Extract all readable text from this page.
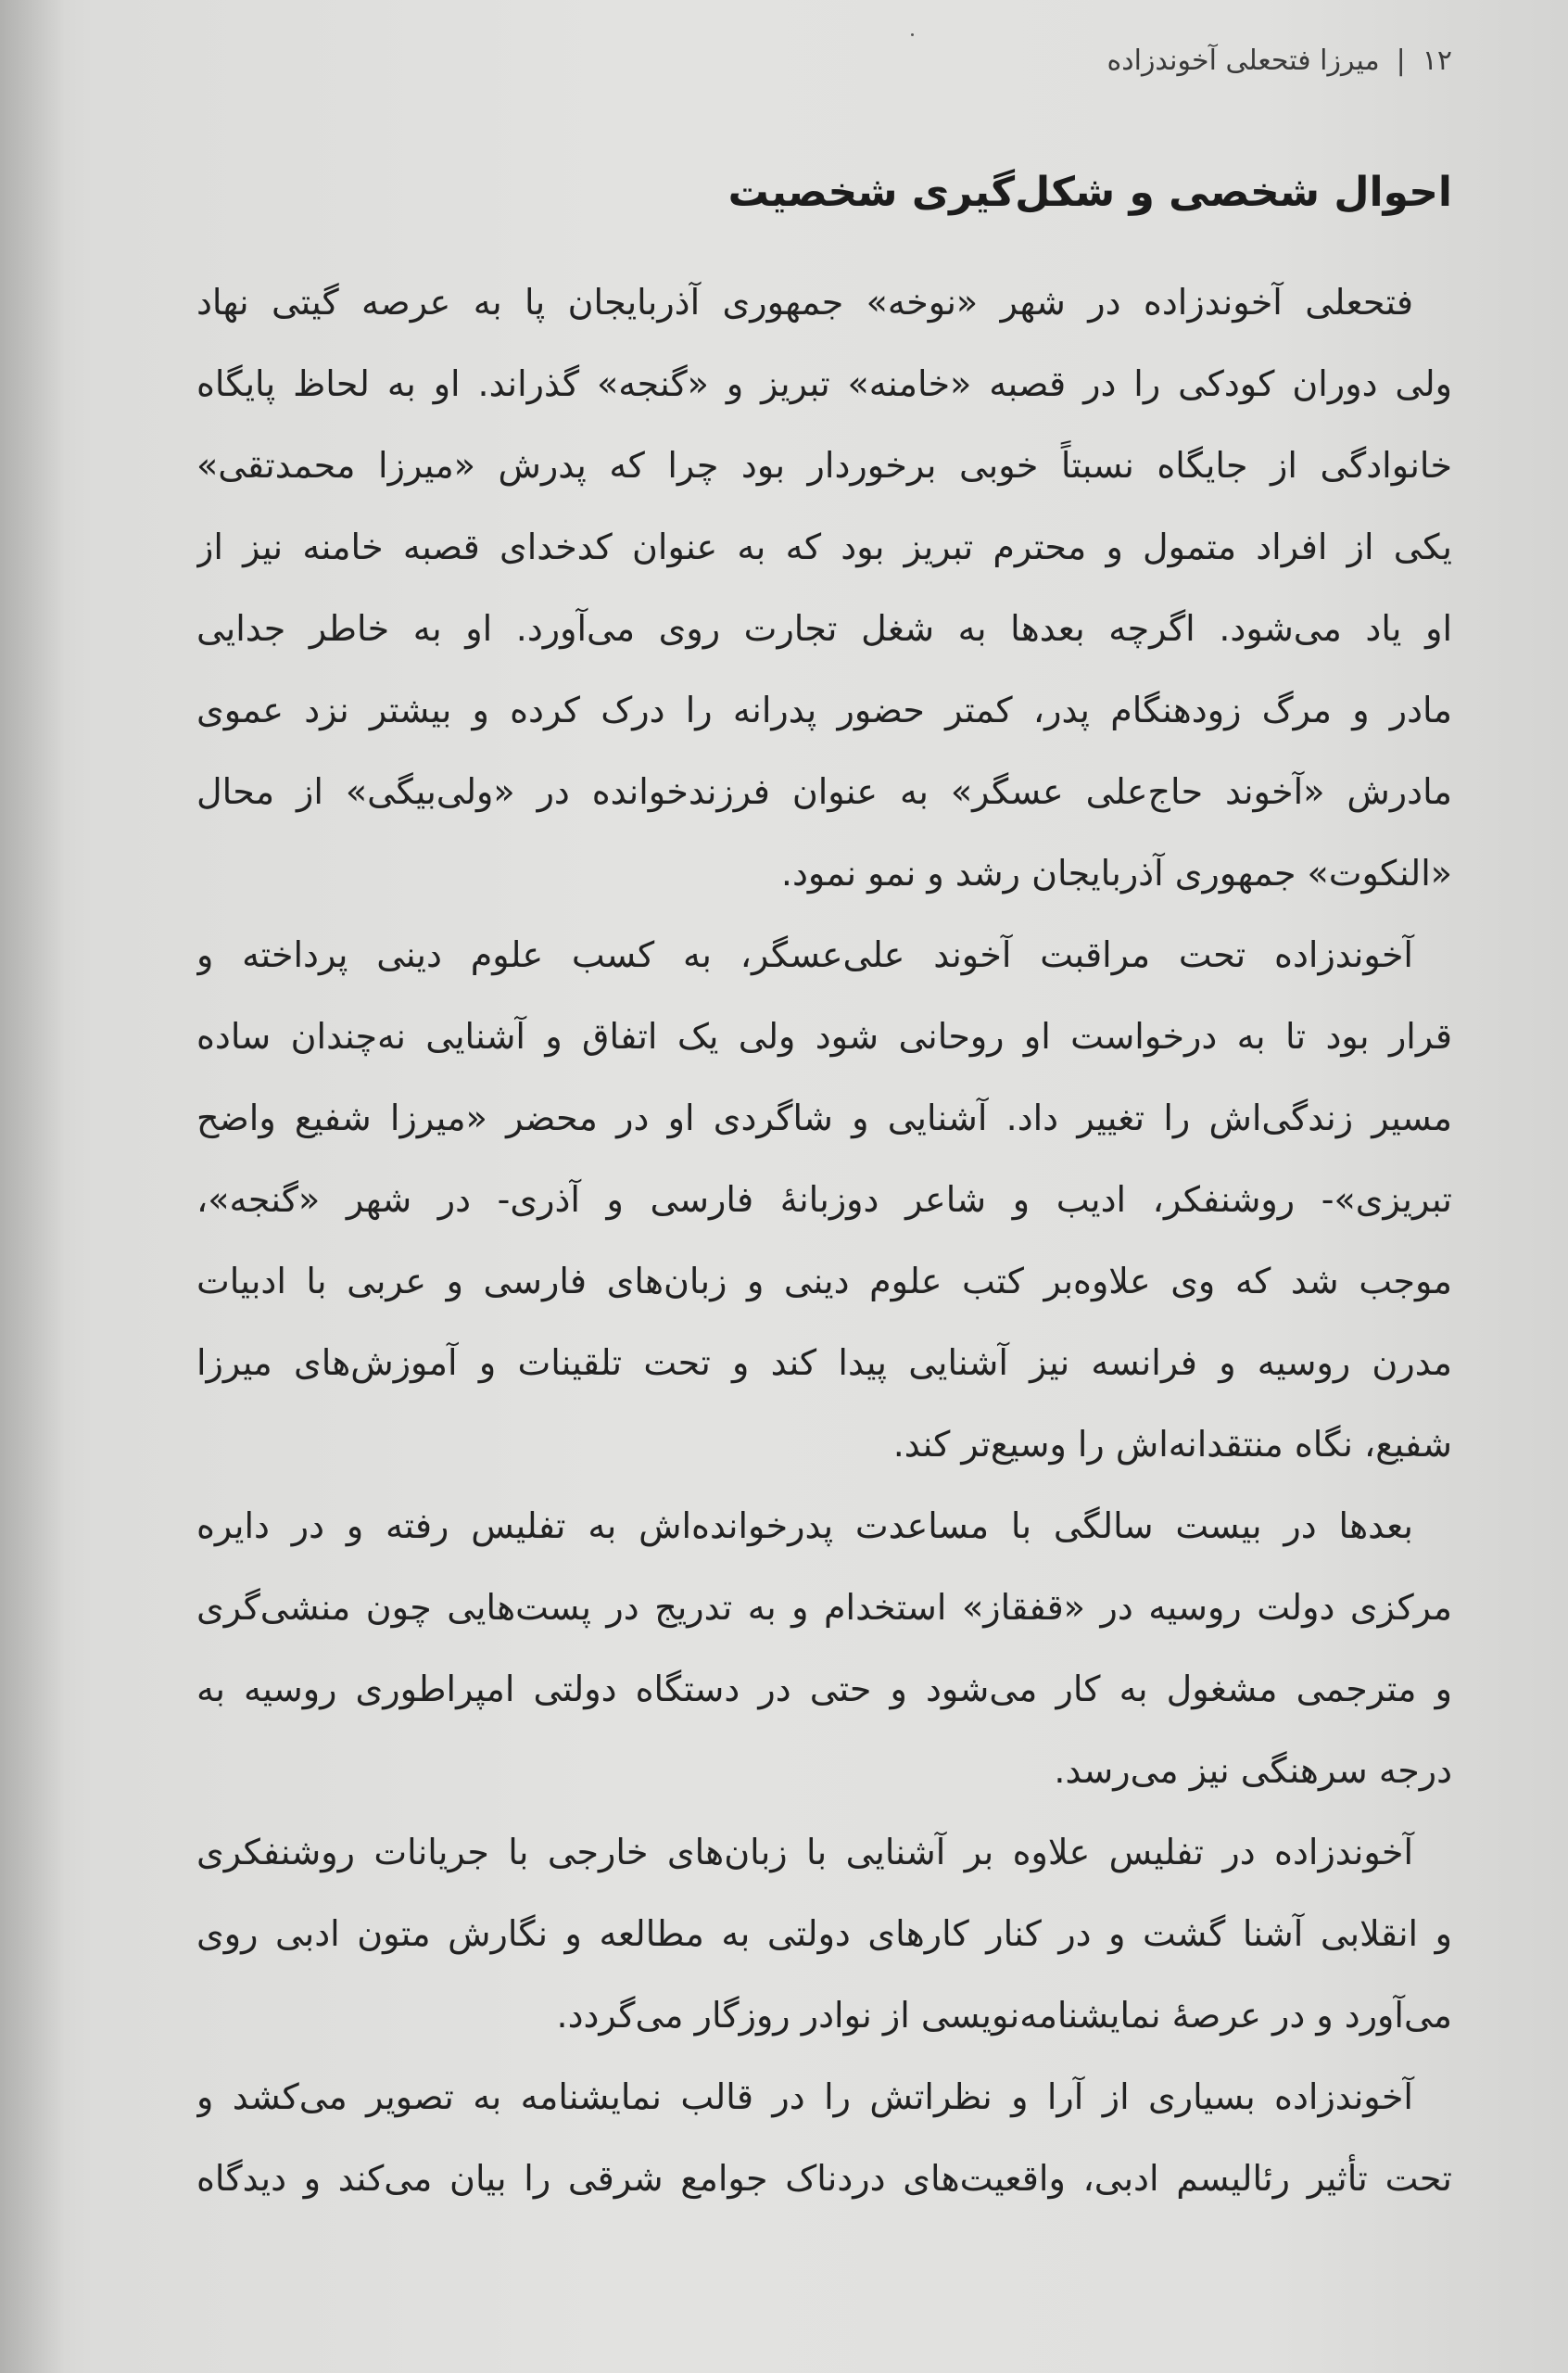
۱۲|میرزا فتحعلی آخوندزاده
احوال شخصی و شکل‌گیری شخصیت
فتحعلی آخوندزاده در شهر «نوخه» جمهوری آذربایجان پا به عرصه گیتی نهاد
ولی دوران کودکی را در قصبه «خامنه» تبریز و «گنجه» گذراند. او به لحاظ پایگاه
خانوادگی از جایگاه نسبتاً خوبی برخوردار بود چرا که پدرش «میرزا محمدتقی»
یکی از افراد متمول و محترم تبریز بود که به عنوان کدخدای قصبه خامنه نیز از
او یاد می‌شود. اگرچه بعدها به شغل تجارت روی می‌آورد. او به خاطر جدایی
مادر و مرگ زودهنگام پدر، کمتر حضور پدرانه را درک کرده و بیشتر نزد عموی
مادرش «آخوند حاج‌علی عسگر» به عنوان فرزندخوانده در «ولی‌بیگی» از محال
«النکوت» جمهوری آذربایجان رشد و نمو نمود.
آخوندزاده تحت مراقبت آخوند علی‌عسگر، به کسب علوم دینی پرداخته و
قرار بود تا به درخواست او روحانی شود ولی یک اتفاق و آشنایی نه‌چندان ساده
مسیر زندگی‌اش را تغییر داد. آشنایی و شاگردی او در محضر «میرزا شفیع واضح
تبریزی»- روشنفکر، ادیب و شاعر دوزبانهٔ فارسی و آذری- در شهر «گنجه»،
موجب شد که وی علاوه‌بر کتب علوم دینی و زبان‌های فارسی و عربی با ادبیات
مدرن روسیه و فرانسه نیز آشنایی پیدا کند و تحت تلقینات و آموزش‌های میرزا
شفیع، نگاه منتقدانه‌اش را وسیع‌تر کند.
بعدها در بیست سالگی با مساعدت پدرخوانده‌اش به تفلیس رفته و در دایره
مرکزی دولت روسیه در «قفقاز» استخدام و به تدریج در پست‌هایی چون منشی‌گری
و مترجمی مشغول به کار می‌شود و حتی در دستگاه دولتی امپراطوری روسیه به
درجه سرهنگی نیز می‌رسد.
آخوندزاده در تفلیس علاوه بر آشنایی با زبان‌های خارجی با جریانات روشنفکری
و انقلابی آشنا گشت و در کنار کارهای دولتی به مطالعه و نگارش متون ادبی روی
می‌آورد و در عرصهٔ نمایشنامه‌نویسی از نوادر روزگار می‌گردد.
آخوندزاده بسیاری از آرا و نظراتش را در قالب نمایشنامه به تصویر می‌کشد و
تحت تأثیر رئالیسم ادبی، واقعیت‌های دردناک جوامع شرقی را بیان می‌کند و دیدگاه
